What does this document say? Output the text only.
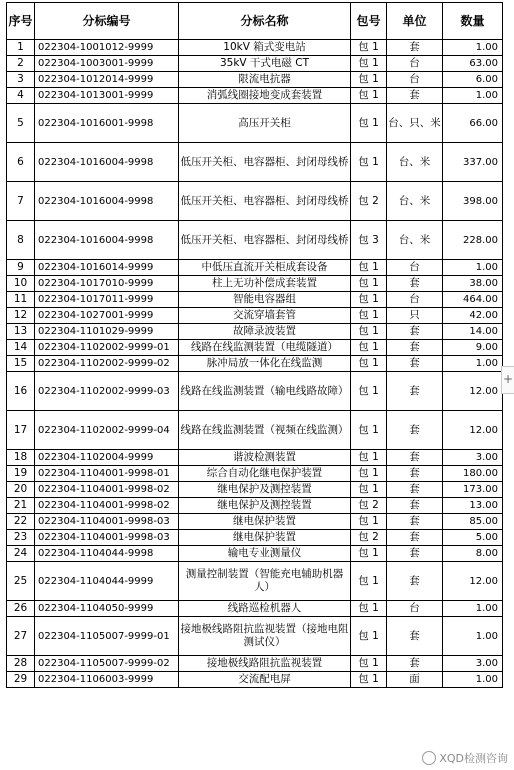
序号	分标编号	分标名称	包号	单位	数量
1	022304-1001012-9999	10kV 箱式变电站	包 1	套	1.00
2	022304-1003001-9999	35kV 干式电磁 CT	包 1	台	63.00
3	022304-1012014-9999	限流电抗器	包 1	台	6.00
4	022304-1013001-9999	消弧线圈接地变成套装置	包 1	套	1.00
5	022304-1016001-9998	高压开关柜	包 1	台、只、米	66.00
6	022304-1016004-9998	低压开关柜、电容器柜、封闭母线桥	包 1	台、米	337.00
7	022304-1016004-9998	低压开关柜、电容器柜、封闭母线桥	包 2	台、米	398.00
8	022304-1016004-9998	低压开关柜、电容器柜、封闭母线桥	包 3	台、米	228.00
9	022304-1016014-9999	中低压直流开关柜成套设备	包 1	台	1.00
10	022304-1017010-9999	柱上无功补偿成套装置	包 1	套	38.00
11	022304-1017011-9999	智能电容器组	包 1	台	464.00
12	022304-1027001-9999	交流穿墙套管	包 1	只	42.00
13	022304-1101029-9999	故障录波装置	包 1	套	14.00
14	022304-1102002-9999-01	线路在线监测装置（电缆隧道）	包 1	套	9.00
15	022304-1102002-9999-02	脉冲局放一体化在线监测	包 1	套	1.00
16	022304-1102002-9999-03	线路在线监测装置（输电线路故障）	包 1	套	12.00
17	022304-1102002-9999-04	线路在线监测装置（视频在线监测）	包 1	套	12.00
18	022304-1102004-9999	谐波检测装置	包 1	套	3.00
19	022304-1104001-9998-01	综合自动化继电保护装置	包 1	套	180.00
20	022304-1104001-9998-02	继电保护及测控装置	包 1	套	173.00
21	022304-1104001-9998-02	继电保护及测控装置	包 2	套	13.00
22	022304-1104001-9998-03	继电保护装置	包 1	套	85.00
23	022304-1104001-9998-03	继电保护装置	包 2	套	5.00
24	022304-1104044-9998	输电专业测量仪	包 1	套	8.00
25	022304-1104044-9999	测量控制装置（智能充电辅助机器人）	包 1	套	12.00
26	022304-1104050-9999	线路巡检机器人	包 1	台	1.00
27	022304-1105007-9999-01	接地极线路阻抗监视装置（接地电阻测试仪）	包 1	套	1.00
28	022304-1105007-9999-02	接地极线路阻抗监视装置	包 1	套	3.00
29	022304-1106003-9999	交流配电屏	包 1	面	1.00
+
XQD检测咨询
